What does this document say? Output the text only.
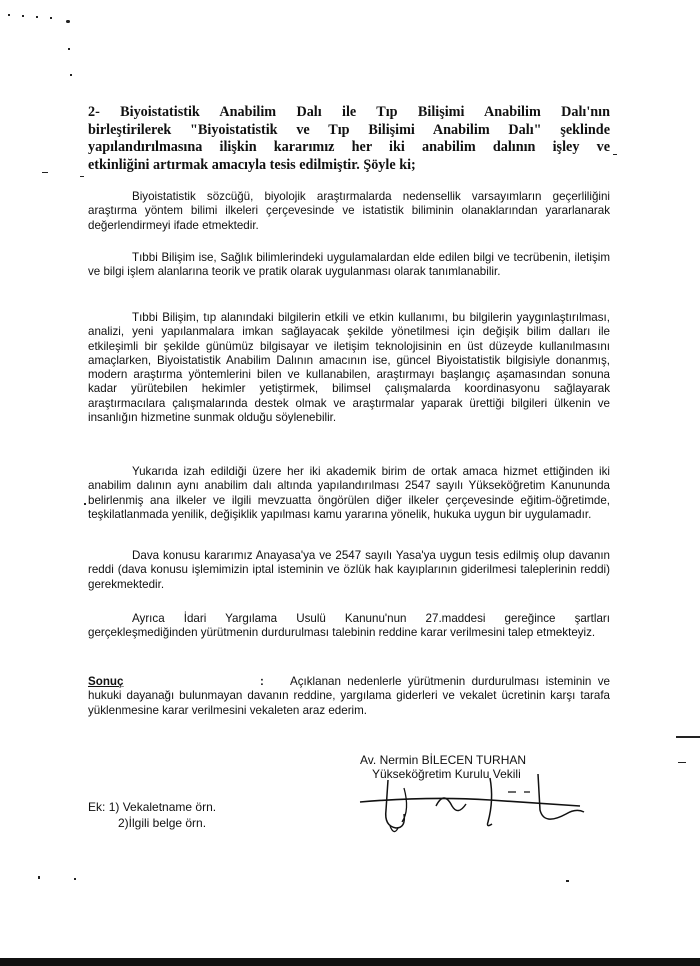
2- Biyoistatistik Anabilim Dalı ile Tıp Bilişimi Anabilim Dalı'nın
birleştirilerek "Biyoistatistik ve Tıp Bilişimi Anabilim Dalı" şeklinde
yapılandırılmasına ilişkin kararımız her iki anabilim dalının işley ve
etkinliğini artırmak amacıyla tesis edilmiştir. Şöyle ki;

Biyoistatistik sözcüğü, biyolojik araştırmalarda nedensellik varsayımların geçerliliğini araştırma yöntem bilimi ilkeleri çerçevesinde ve istatistik biliminin olanaklarından yararlanarak değerlendirmeyi ifade etmektedir.

Tıbbi Bilişim ise, Sağlık bilimlerindeki uygulamalardan elde edilen bilgi ve tecrübenin, iletişim ve bilgi işlem alanlarına teorik ve pratik olarak uygulanması olarak tanımlanabilir.

Tıbbi Bilişim, tıp alanındaki bilgilerin etkili ve etkin kullanımı, bu bilgilerin yaygınlaştırılması, analizi, yeni yapılanmalara imkan sağlayacak şekilde yönetilmesi için değişik bilim dalları ile etkileşimli bir şekilde günümüz bilgisayar ve iletişim teknolojisinin en üst düzeyde kullanılmasını amaçlarken, Biyoistatistik Anabilim Dalının amacının ise, güncel Biyoistatistik bilgisiyle donanmış, modern araştırma yöntemlerini bilen ve kullanabilen, araştırmayı başlangıç aşamasından sonuna kadar yürütebilen hekimler yetiştirmek, bilimsel çalışmalarda koordinasyonu sağlayarak araştırmacılara çalışmalarında destek olmak ve araştırmalar yaparak ürettiği bilgileri ülkenin ve insanlığın hizmetine sunmak olduğu söylenebilir.

Yukarıda izah edildiği üzere her iki akademik birim de ortak amaca hizmet ettiğinden iki anabilim dalının aynı anabilim dalı altında yapılandırılması 2547 sayılı Yükseköğretim Kanununda belirlenmiş ana ilkeler ve ilgili mevzuatta öngörülen diğer ilkeler çerçevesinde eğitim-öğretimde, teşkilatlanmada yenilik, değişiklik yapılması kamu yararına yönelik, hukuka uygun bir uygulamadır.

Dava konusu kararımız Anayasa'ya ve 2547 sayılı Yasa'ya uygun tesis edilmiş olup davanın reddi (dava konusu işlemimizin iptal isteminin ve özlük hak kayıplarının giderilmesi taleplerinin reddi) gerekmektedir.

Ayrıca İdari Yargılama Usulü Kanunu'nun 27.maddesi gereğince şartları gerçekleşmediğinden yürütmenin durdurulması talebinin reddine karar verilmesini talep etmekteyiz.

Sonuç	: Açıklanan nedenlerle yürütmenin durdurulması isteminin ve hukuki dayanağı bulunmayan davanın reddine, yargılama giderleri ve vekalet ücretinin karşı tarafa yüklenmesine karar verilmesini vekaleten araz ederim.

Av. Nermin BİLECEN TURHAN
Yükseköğretim Kurulu Vekili
Ek: 1) Vekaletname örn.
2)İlgili belge örn.
